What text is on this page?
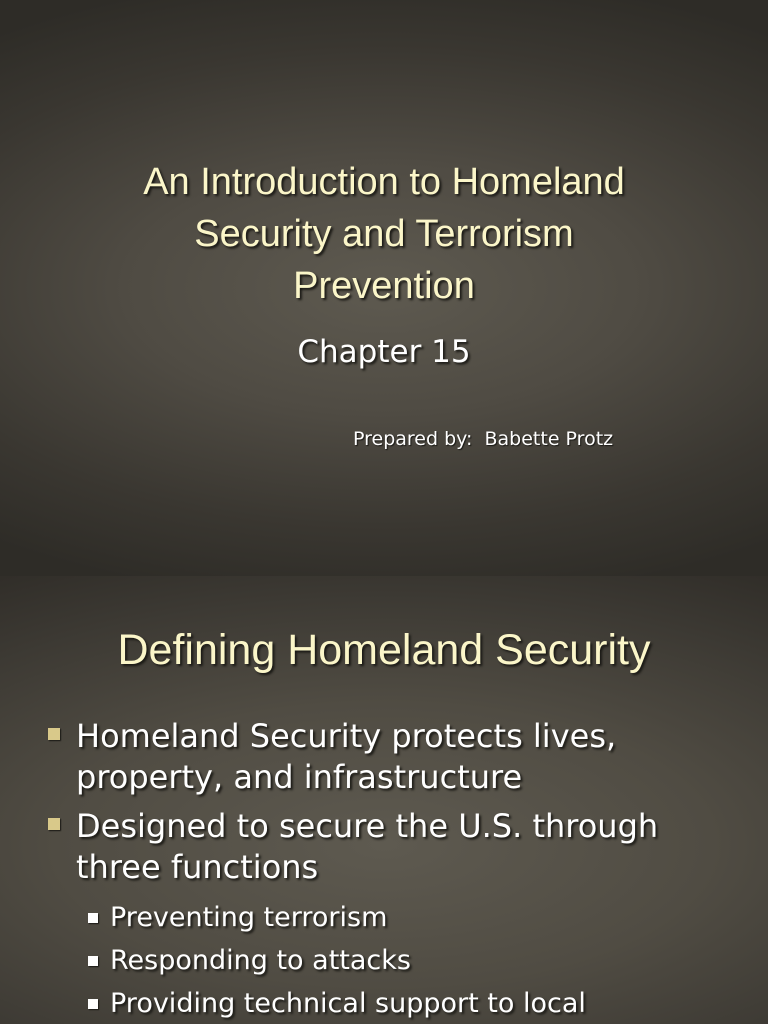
An Introduction to Homeland
Security and Terrorism
Prevention
Chapter 15
Prepared by:  Babette Protz
Defining Homeland Security
Homeland Security protects lives, property, and infrastructure
Designed to secure the U.S. through three functions
Preventing terrorism
Responding to attacks
Providing technical support to local
